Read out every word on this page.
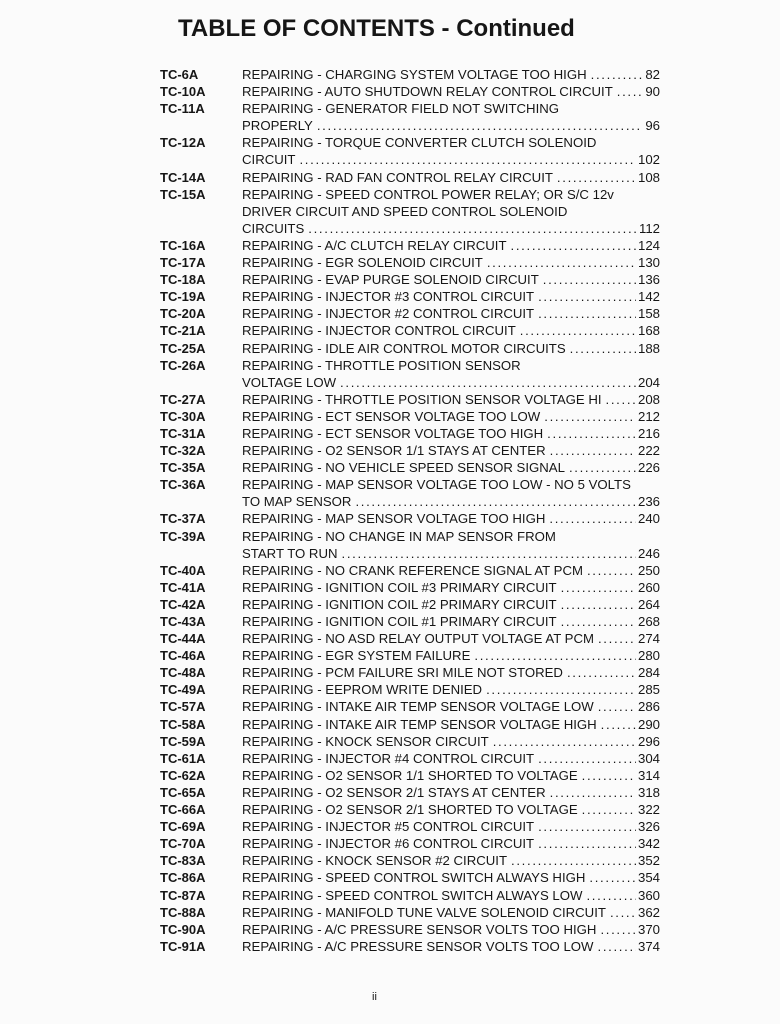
TABLE OF CONTENTS - Continued
TC-6A	REPAIRING - CHARGING SYSTEM VOLTAGE TOO HIGH . . .	82
TC-10A	REPAIRING - AUTO SHUTDOWN RELAY CONTROL CIRCUIT . . . 90
TC-11A	REPAIRING - GENERATOR FIELD NOT SWITCHING
PROPERLY . . .	96
TC-12A	REPAIRING - TORQUE CONVERTER CLUTCH SOLENOID
CIRCUIT . . .	102
TC-14A	REPAIRING - RAD FAN CONTROL RELAY CIRCUIT . . .	108
TC-15A	REPAIRING - SPEED CONTROL POWER RELAY; OR S/C 12v
DRIVER CIRCUIT AND SPEED CONTROL SOLENOID
CIRCUITS . . .	112
TC-16A	REPAIRING - A/C CLUTCH RELAY CIRCUIT . . .	124
TC-17A	REPAIRING - EGR SOLENOID CIRCUIT . . .	130
TC-18A	REPAIRING - EVAP PURGE SOLENOID CIRCUIT . . .	136
TC-19A	REPAIRING - INJECTOR #3 CONTROL CIRCUIT . . .	142
TC-20A	REPAIRING - INJECTOR #2 CONTROL CIRCUIT . . .	158
TC-21A	REPAIRING - INJECTOR CONTROL CIRCUIT . . .	168
TC-25A	REPAIRING - IDLE AIR CONTROL MOTOR CIRCUITS . . .	188
TC-26A	REPAIRING - THROTTLE POSITION SENSOR
VOLTAGE LOW . . .	204
TC-27A	REPAIRING - THROTTLE POSITION SENSOR VOLTAGE HI . . .	208
TC-30A	REPAIRING - ECT SENSOR VOLTAGE TOO LOW . . .	212
TC-31A	REPAIRING - ECT SENSOR VOLTAGE TOO HIGH . . .	216
TC-32A	REPAIRING - O2 SENSOR 1/1 STAYS AT CENTER . . .	222
TC-35A	REPAIRING - NO VEHICLE SPEED SENSOR SIGNAL . . .	226
TC-36A	REPAIRING - MAP SENSOR VOLTAGE TOO LOW - NO 5 VOLTS
TO MAP SENSOR . . .	236
TC-37A	REPAIRING - MAP SENSOR VOLTAGE TOO HIGH . . .	240
TC-39A	REPAIRING - NO CHANGE IN MAP SENSOR FROM
START TO RUN . . .	246
TC-40A	REPAIRING - NO CRANK REFERENCE SIGNAL AT PCM . . .	250
TC-41A	REPAIRING - IGNITION COIL #3 PRIMARY CIRCUIT . . .	260
TC-42A	REPAIRING - IGNITION COIL #2 PRIMARY CIRCUIT . . .	264
TC-43A	REPAIRING - IGNITION COIL #1 PRIMARY CIRCUIT . . .	268
TC-44A	REPAIRING - NO ASD RELAY OUTPUT VOLTAGE AT PCM . . .	274
TC-46A	REPAIRING - EGR SYSTEM FAILURE . . .	280
TC-48A	REPAIRING - PCM FAILURE SRI MILE NOT STORED . . .	284
TC-49A	REPAIRING - EEPROM WRITE DENIED . . .	285
TC-57A	REPAIRING - INTAKE AIR TEMP SENSOR VOLTAGE LOW . . .	286
TC-58A	REPAIRING - INTAKE AIR TEMP SENSOR VOLTAGE HIGH . . .	290
TC-59A	REPAIRING - KNOCK SENSOR CIRCUIT . . .	296
TC-61A	REPAIRING - INJECTOR #4 CONTROL CIRCUIT . . .	304
TC-62A	REPAIRING - O2 SENSOR 1/1 SHORTED TO VOLTAGE . . .	314
TC-65A	REPAIRING - O2 SENSOR 2/1 STAYS AT CENTER . . .	318
TC-66A	REPAIRING - O2 SENSOR 2/1 SHORTED TO VOLTAGE . . .	322
TC-69A	REPAIRING - INJECTOR #5 CONTROL CIRCUIT . . .	326
TC-70A	REPAIRING - INJECTOR #6 CONTROL CIRCUIT . . .	342
TC-83A	REPAIRING - KNOCK SENSOR #2 CIRCUIT . . .	352
TC-86A	REPAIRING - SPEED CONTROL SWITCH ALWAYS HIGH . . .	354
TC-87A	REPAIRING - SPEED CONTROL SWITCH ALWAYS LOW . . .	360
TC-88A	REPAIRING - MANIFOLD TUNE VALVE SOLENOID CIRCUIT . . . 362
TC-90A	REPAIRING - A/C PRESSURE SENSOR VOLTS TOO HIGH . . .	370
TC-91A	REPAIRING - A/C PRESSURE SENSOR VOLTS TOO LOW . . .	374
ii
